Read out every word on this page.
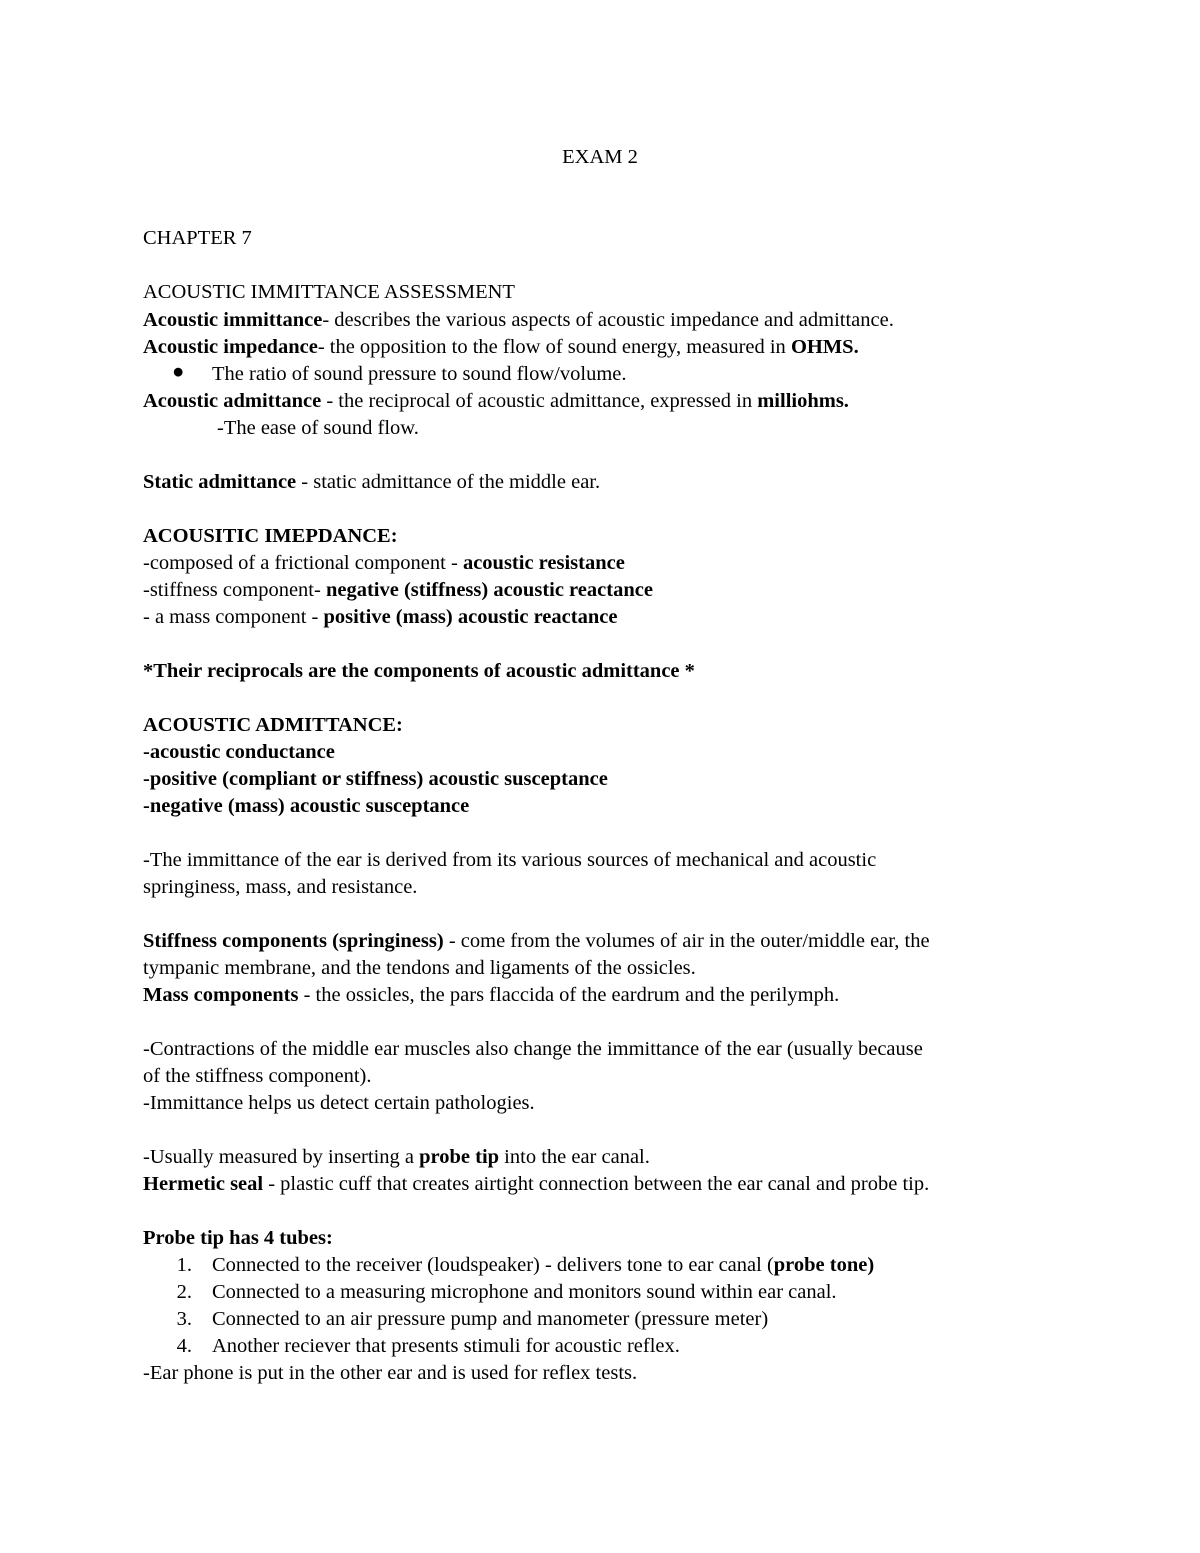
EXAM 2
CHAPTER 7
ACOUSTIC IMMITTANCE ASSESSMENT
Acoustic immittance- describes the various aspects of acoustic impedance and admittance.
Acoustic impedance- the opposition to the flow of sound energy, measured in OHMS.
● The ratio of sound pressure to sound flow/volume.
Acoustic admittance - the reciprocal of acoustic admittance, expressed in milliohms.
-The ease of sound flow.
Static admittance - static admittance of the middle ear.
ACOUSITIC IMEPDANCE:
-composed of a frictional component - acoustic resistance
-stiffness component- negative (stiffness) acoustic reactance
- a mass component - positive (mass) acoustic reactance
*Their reciprocals are the components of acoustic admittance *
ACOUSTIC ADMITTANCE:
-acoustic conductance
-positive (compliant or stiffness) acoustic susceptance
-negative (mass) acoustic susceptance
-The immittance of the ear is derived from its various sources of mechanical and acoustic
springiness, mass, and resistance.
Stiffness components (springiness) - come from the volumes of air in the outer/middle ear, the
tympanic membrane, and the tendons and ligaments of the ossicles.
Mass components - the ossicles, the pars flaccida of the eardrum and the perilymph.
-Contractions of the middle ear muscles also change the immittance of the ear (usually because
of the stiffness component).
-Immittance helps us detect certain pathologies.
-Usually measured by inserting a probe tip into the ear canal.
Hermetic seal - plastic cuff that creates airtight connection between the ear canal and probe tip.
Probe tip has 4 tubes:
1. Connected to the receiver (loudspeaker) - delivers tone to ear canal (probe tone)
2. Connected to a measuring microphone and monitors sound within ear canal.
3. Connected to an air pressure pump and manometer (pressure meter)
4. Another reciever that presents stimuli for acoustic reflex.
-Ear phone is put in the other ear and is used for reflex tests.
